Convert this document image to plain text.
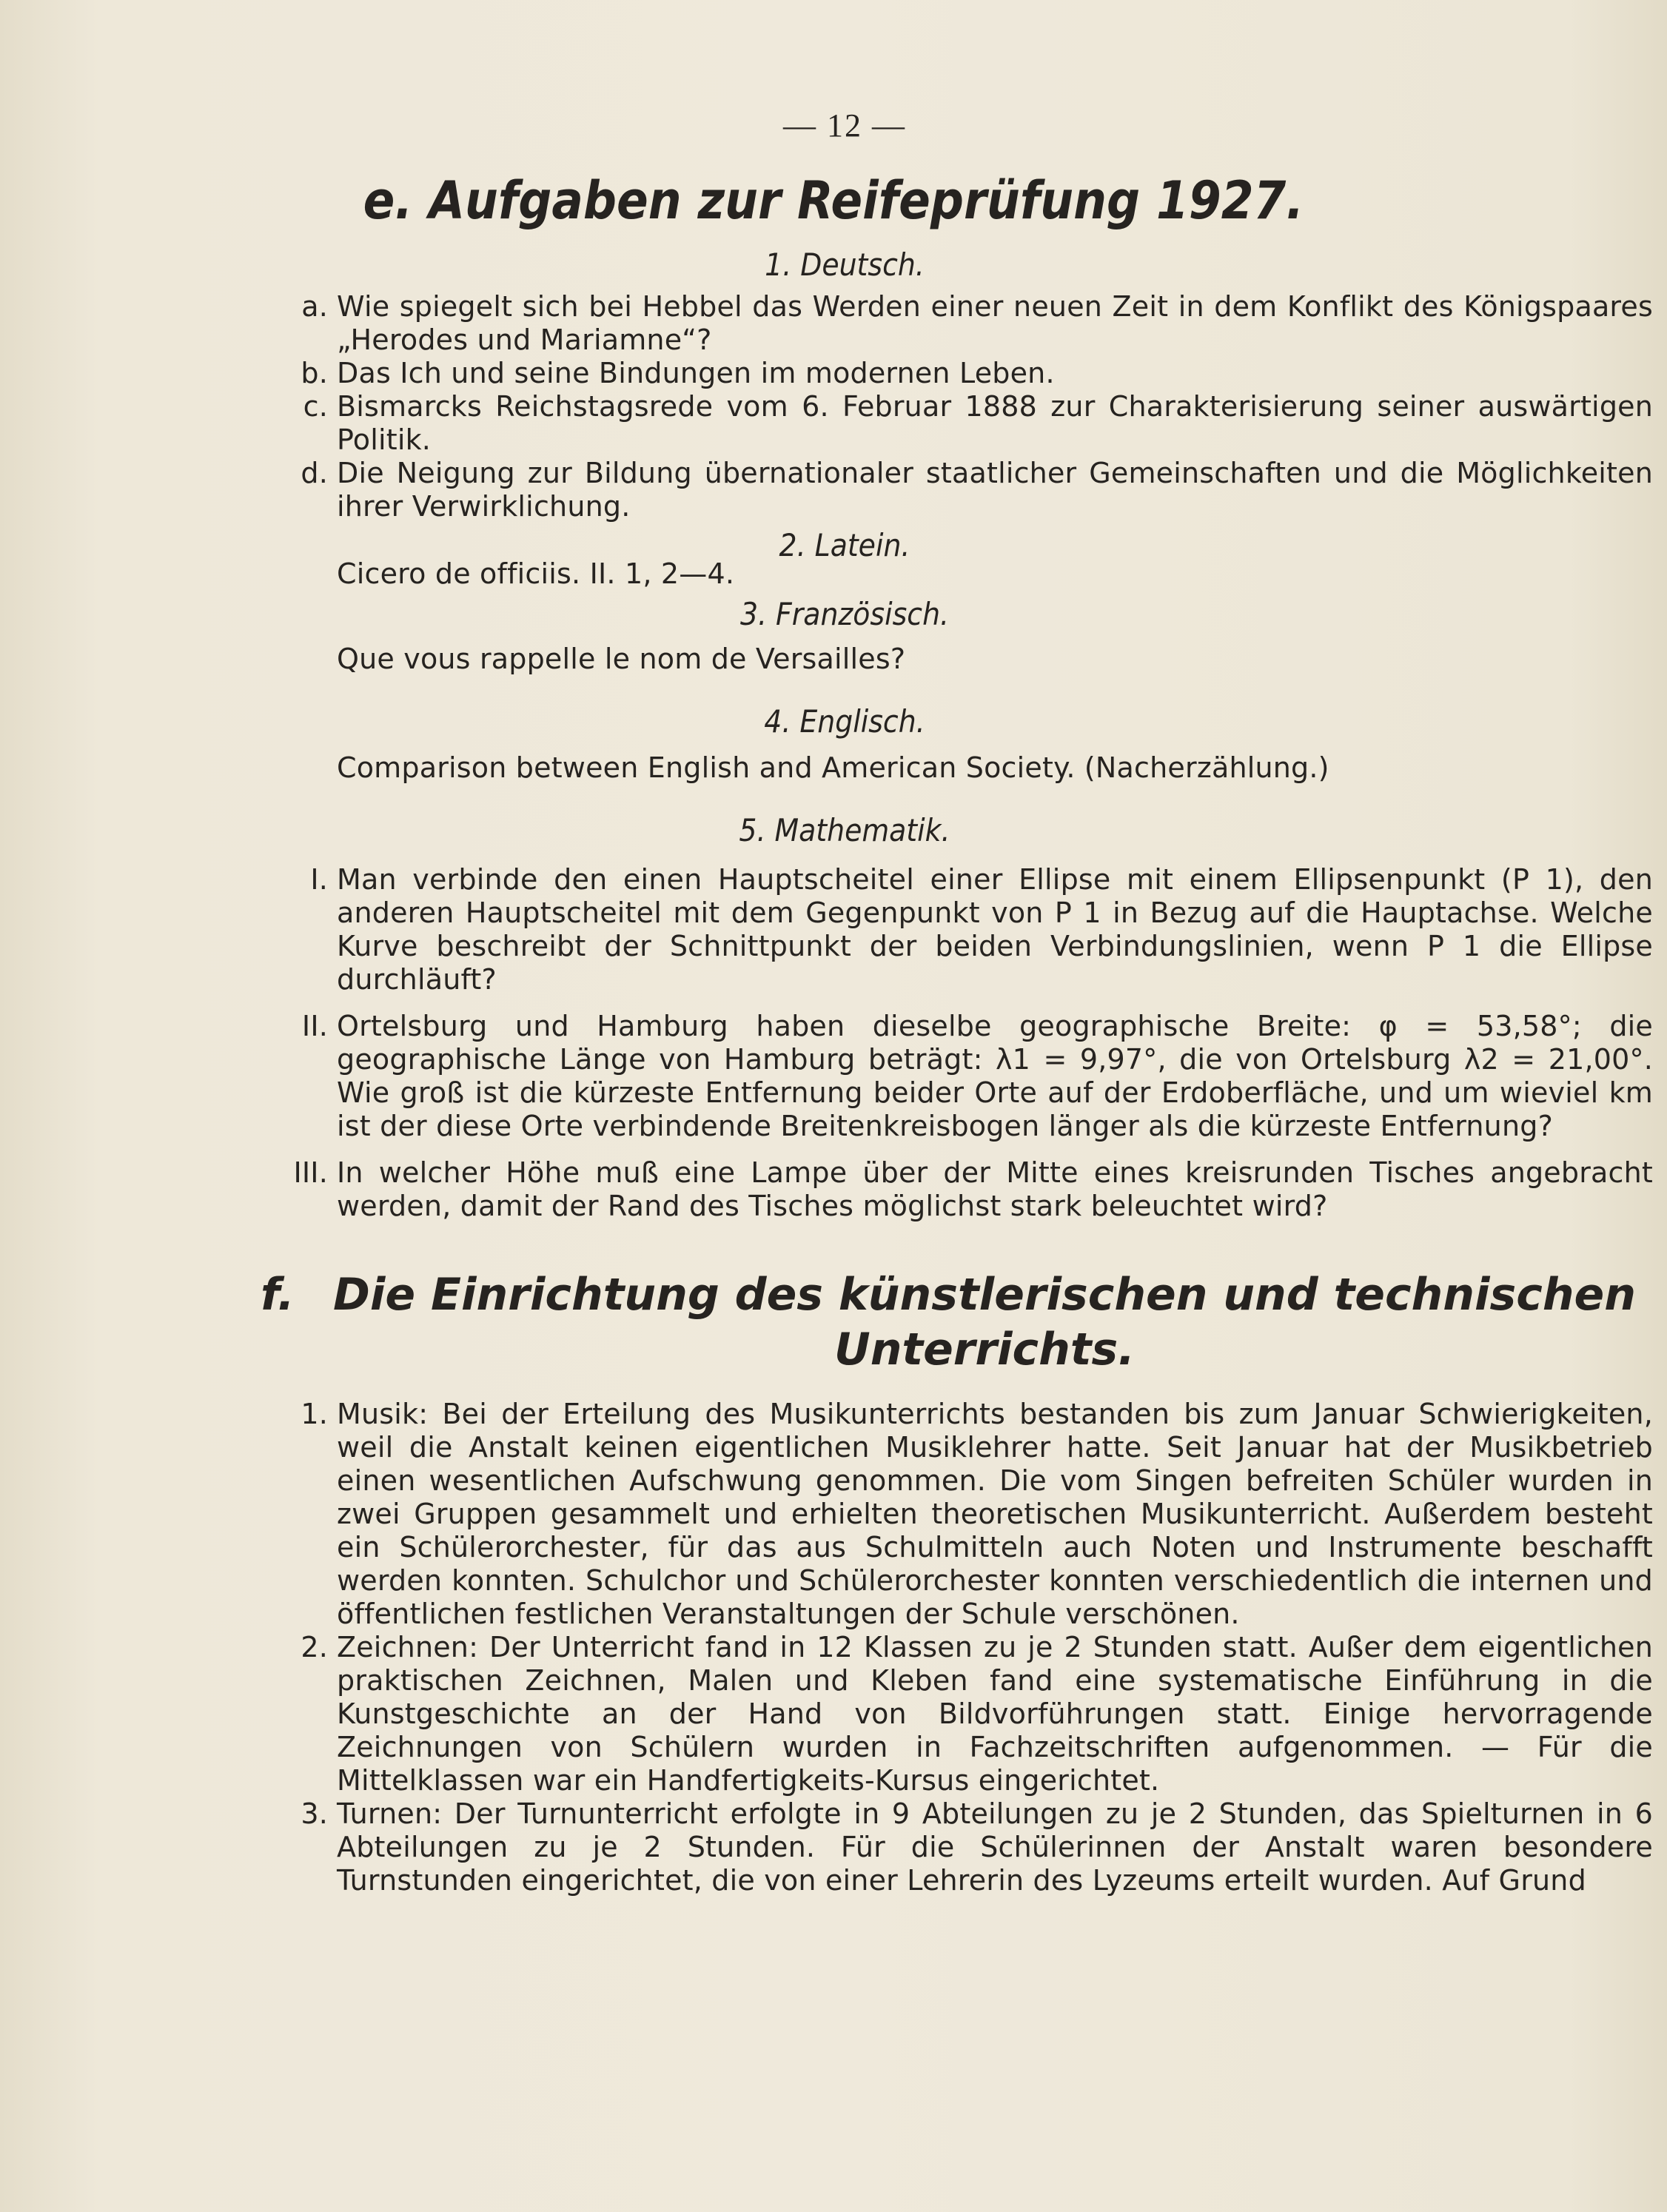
— 12 —
e. Aufgaben zur Reifeprüfung 1927.
1. Deutsch.
a. Wie spiegelt sich bei Hebbel das Werden einer neuen Zeit in dem Konflikt des Königspaares „Herodes und Mariamne“?
b. Das Ich und seine Bindungen im modernen Leben.
c. Bismarcks Reichstagsrede vom 6. Februar 1888 zur Charakterisierung seiner auswärtigen Politik.
d. Die Neigung zur Bildung übernationaler staatlicher Gemeinschaften und die Möglichkeiten ihrer Verwirklichung.
2. Latein.
Cicero de officiis. II. 1, 2—4.
3. Französisch.
Que vous rappelle le nom de Versailles?
4. Englisch.
Comparison between English and American Society. (Nacherzählung.)
5. Mathematik.
I. Man verbinde den einen Hauptscheitel einer Ellipse mit einem Ellipsenpunkt (P 1), den anderen Hauptscheitel mit dem Gegenpunkt von P 1 in Bezug auf die Hauptachse. Welche Kurve beschreibt der Schnittpunkt der beiden Verbindungslinien, wenn P 1 die Ellipse durchläuft?
II. Ortelsburg und Hamburg haben dieselbe geographische Breite: φ = 53,58°; die geographische Länge von Hamburg beträgt: λ1 = 9,97°, die von Ortelsburg λ2 = 21,00°. Wie groß ist die kürzeste Entfernung beider Orte auf der Erdoberfläche, und um wieviel km ist der diese Orte verbindende Breitenkreisbogen länger als die kürzeste Entfernung?
III. In welcher Höhe muß eine Lampe über der Mitte eines kreisrunden Tisches angebracht werden, damit der Rand des Tisches möglichst stark beleuchtet wird?
f. Die Einrichtung des künstlerischen und technischen Unterrichts.
1. Musik: Bei der Erteilung des Musikunterrichts bestanden bis zum Januar Schwierigkeiten, weil die Anstalt keinen eigentlichen Musiklehrer hatte. Seit Januar hat der Musikbetrieb einen wesentlichen Aufschwung genommen. Die vom Singen befreiten Schüler wurden in zwei Gruppen gesammelt und erhielten theoretischen Musikunterricht. Außerdem besteht ein Schülerorchester, für das aus Schulmitteln auch Noten und Instrumente beschafft werden konnten. Schulchor und Schülerorchester konnten verschiedentlich die internen und öffentlichen festlichen Veranstaltungen der Schule verschönen.
2. Zeichnen: Der Unterricht fand in 12 Klassen zu je 2 Stunden statt. Außer dem eigentlichen praktischen Zeichnen, Malen und Kleben fand eine systematische Einführung in die Kunstgeschichte an der Hand von Bildvorführungen statt. Einige hervorragende Zeichnungen von Schülern wurden in Fachzeitschriften aufgenommen. — Für die Mittelklassen war ein Handfertigkeits-Kursus eingerichtet.
3. Turnen: Der Turnunterricht erfolgte in 9 Abteilungen zu je 2 Stunden, das Spielturnen in 6 Abteilungen zu je 2 Stunden. Für die Schülerinnen der Anstalt waren besondere Turnstunden eingerichtet, die von einer Lehrerin des Lyzeums erteilt wurden. Auf Grund
